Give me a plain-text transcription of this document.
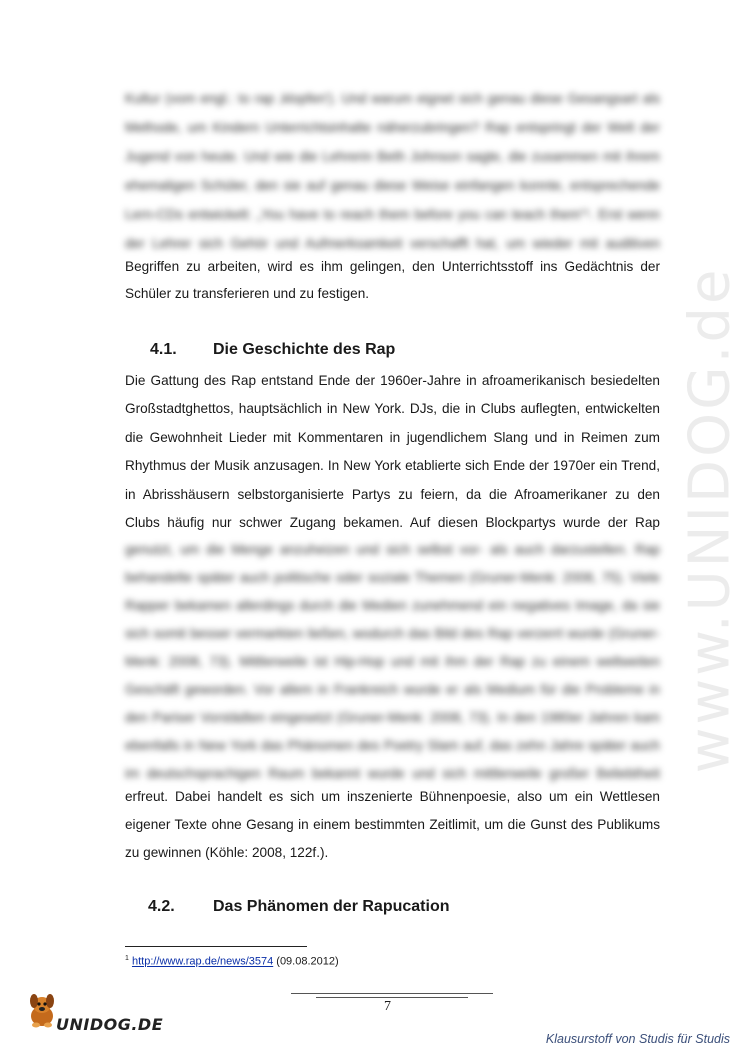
www.UNIDOG.de
Kultur (vom engl.: to rap ‚klopfen'). Und warum eignet sich genau diese Gesangsart als
Methode, um Kindern Unterrichtsinhalte näherzubringen? Rap entspringt der Welt der
Jugend von heute. Und wie die Lehrerin Beth Johnson sagte, die zusammen mit ihrem
ehemaligen Schüler, den sie auf genau diese Weise einfangen konnte, entsprechende
Lern-CDs entwickelt: „You have to reach them before you can teach them“¹. Erst wenn
der Lehrer sich Gehör und Aufmerksamkeit verschafft hat, um wieder mit auditiven
Begriffen zu arbeiten, wird es ihm gelingen, den Unterrichtsstoff ins Gedächtnis der
Schüler zu transferieren und zu festigen.
4.1. Die Geschichte des Rap
Die Gattung des Rap entstand Ende der 1960er-Jahre in afroamerikanisch besiedelten
Großstadtghettos, hauptsächlich in New York. DJs, die in Clubs auflegten, entwickelten
die Gewohnheit Lieder mit Kommentaren in jugendlichem Slang und in Reimen zum
Rhythmus der Musik anzusagen. In New York etablierte sich Ende der 1970er ein Trend,
in Abrisshäusern selbstorganisierte Partys zu feiern, da die Afroamerikaner zu den
Clubs häufig nur schwer Zugang bekamen. Auf diesen Blockpartys wurde der Rap
genutzt, um die Menge anzuheizen und sich selbst vor- als auch darzustellen. Rap
behandelte später auch politische oder soziale Themen (Gruner-Menk: 2008, 75). Viele
Rapper bekamen allerdings durch die Medien zunehmend ein negatives Image, da sie
sich somit besser vermarkten ließen, wodurch das Bild des Rap verzerrt wurde (Gruner-
Menk: 2008, 73). Mittlerweile ist Hip-Hop und mit ihm der Rap zu einem weltweiten
Geschäft geworden. Vor allem in Frankreich wurde er als Medium für die Probleme in
den Pariser Vorstädten eingesetzt (Gruner-Menk: 2008, 73). In den 1980er Jahren kam
ebenfalls in New York das Phänomen des Poetry Slam auf, das zehn Jahre später auch
im deutschsprachigen Raum bekannt wurde und sich mittlerweile großer Beliebtheit
erfreut. Dabei handelt es sich um inszenierte Bühnenpoesie, also um ein Wettlesen
eigener Texte ohne Gesang in einem bestimmten Zeitlimit, um die Gunst des Publikums
zu gewinnen (Köhle: 2008, 122f.).
4.2. Das Phänomen der Rapucation
$^1$ http://www.rap.de/news/3574 (09.08.2012)
7
UNIDOG.DE
Klausurstoff von Studis für Studis
